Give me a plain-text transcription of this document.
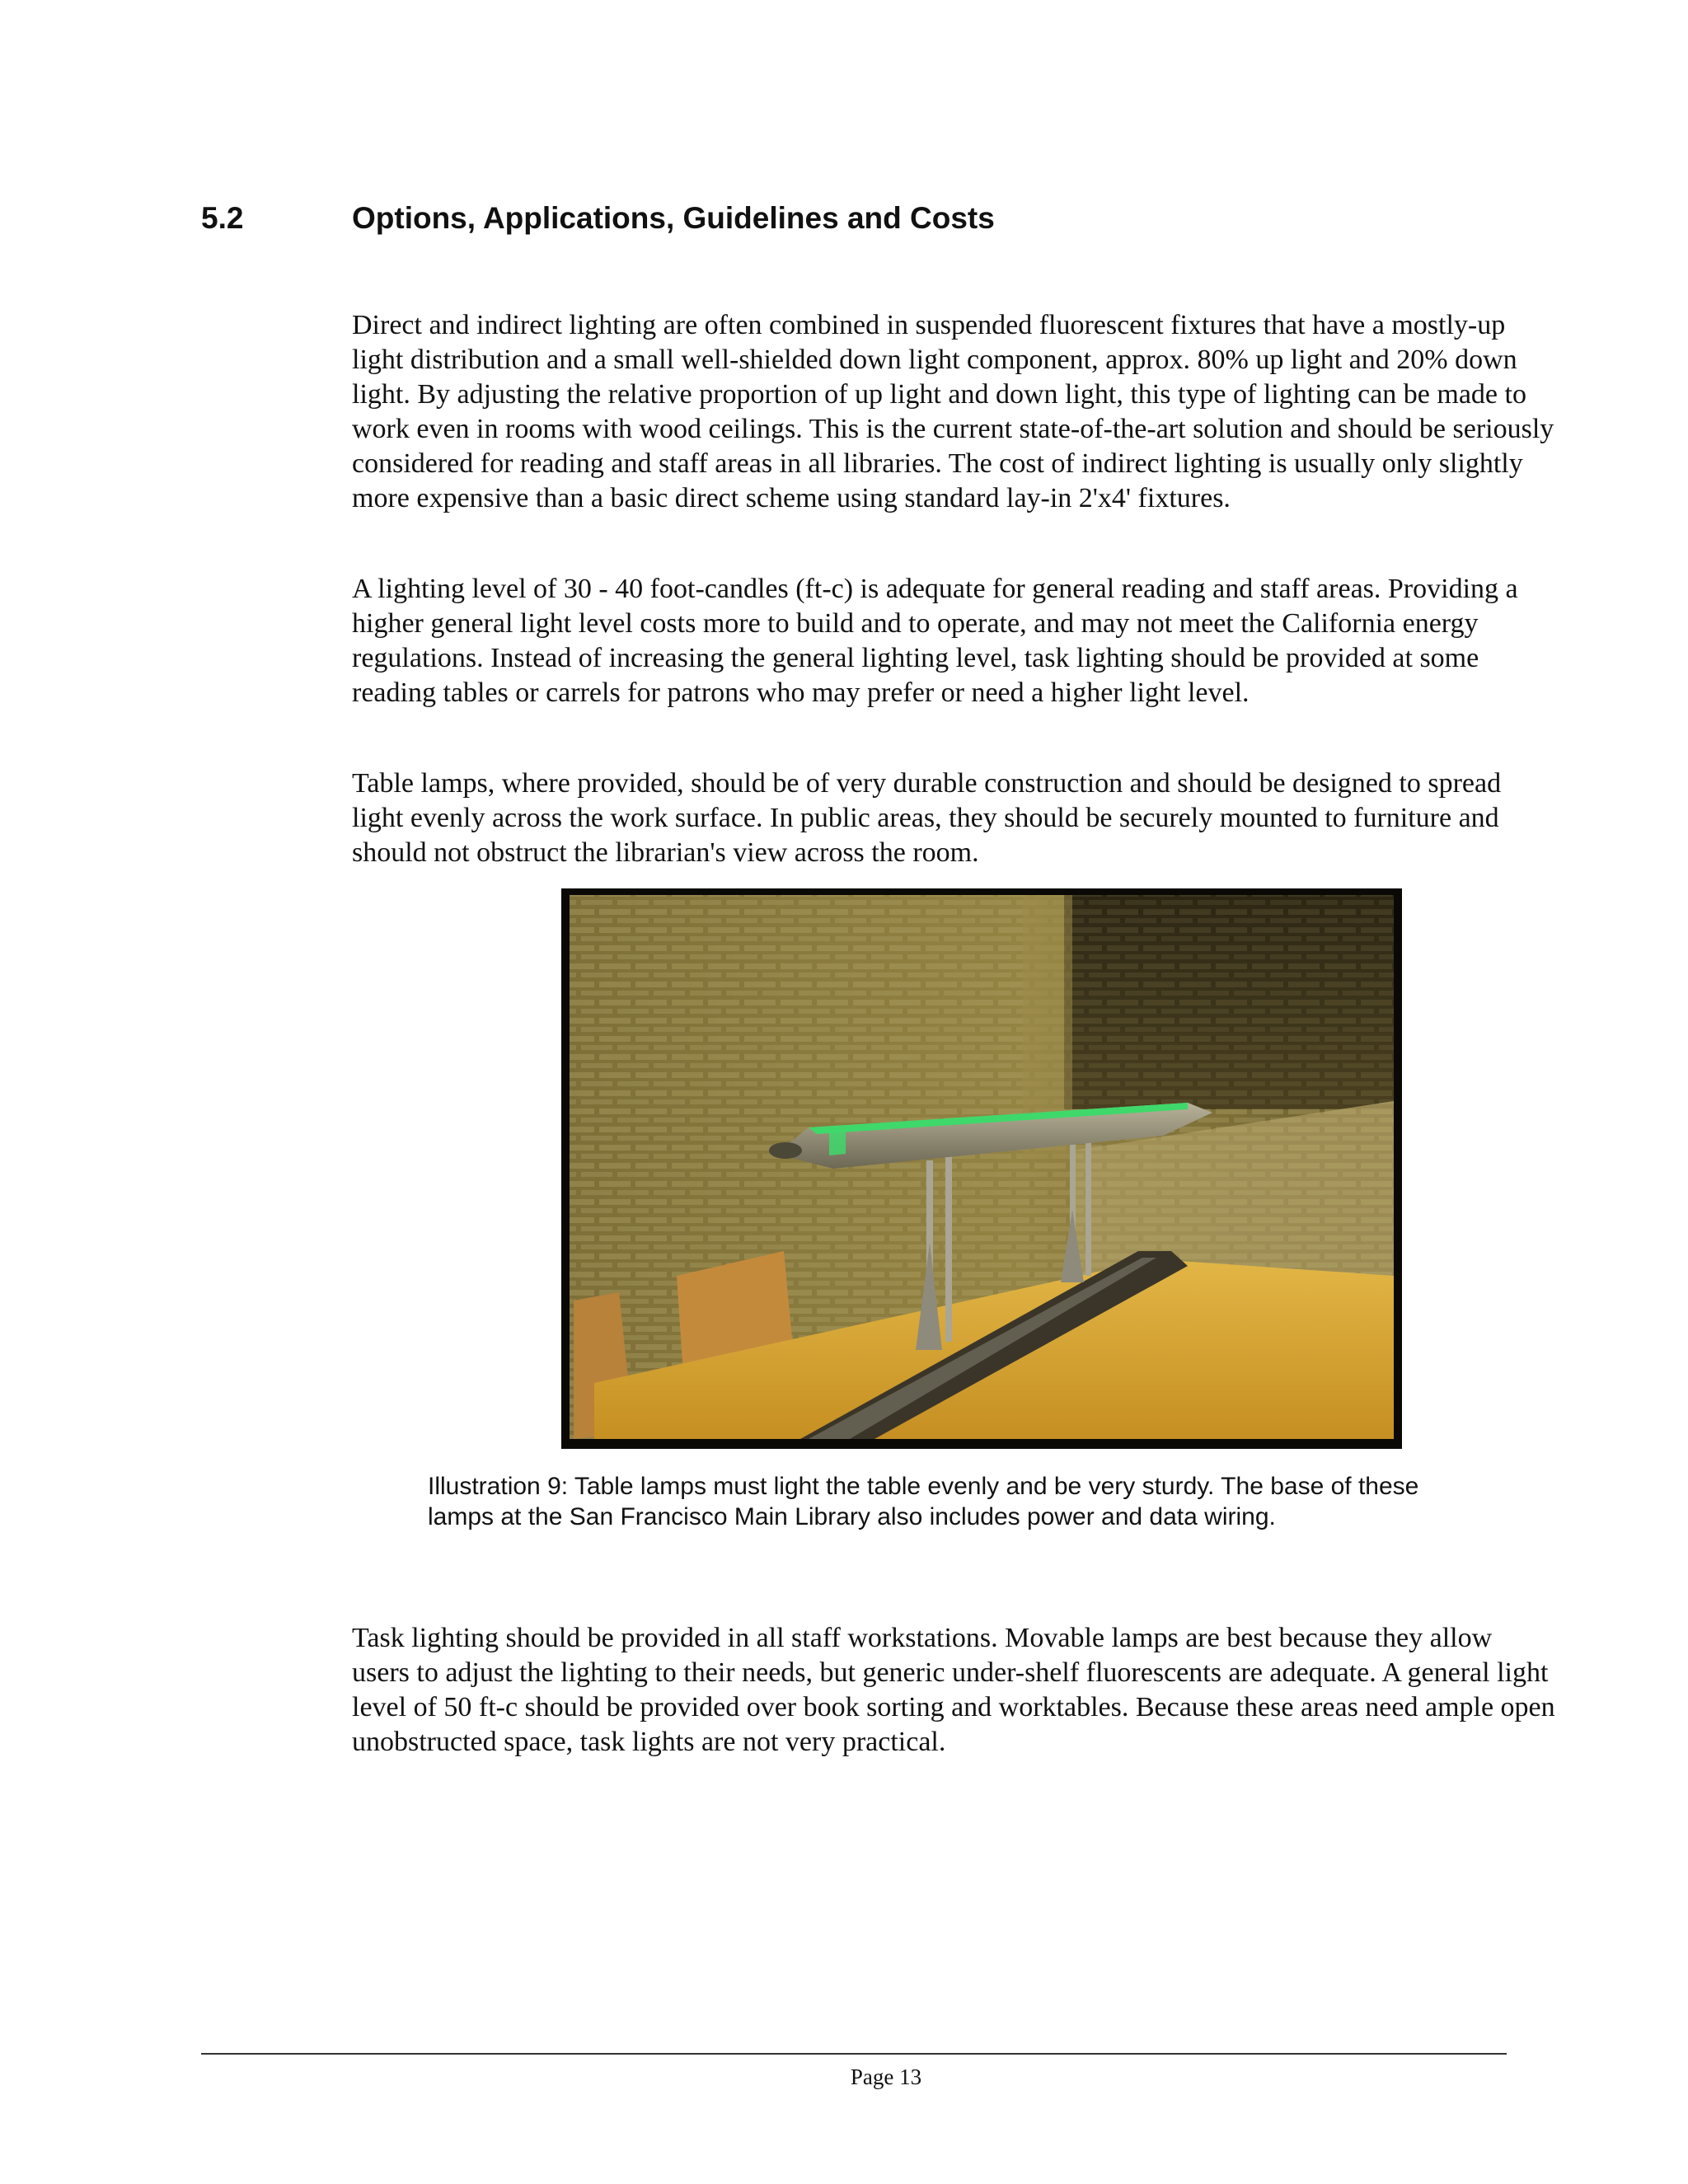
5.2	Options, Applications, Guidelines and Costs

Direct and indirect lighting are often combined in suspended fluorescent fixtures that have a mostly-up light distribution and a small well-shielded down light component, approx. 80% up light and 20% down light. By adjusting the relative proportion of up light and down light, this type of lighting can be made to work even in rooms with wood ceilings. This is the current state-of-the-art solution and should be seriously considered for reading and staff areas in all libraries. The cost of indirect lighting is usually only slightly more expensive than a basic direct scheme using standard lay-in 2'x4' fixtures.

A lighting level of 30 - 40 foot-candles (ft-c) is adequate for general reading and staff areas. Providing a higher general light level costs more to build and to operate, and may not meet the California energy regulations. Instead of increasing the general lighting level, task lighting should be provided at some reading tables or carrels for patrons who may prefer or need a higher light level.

Table lamps, where provided, should be of very durable construction and should be designed to spread light evenly across the work surface. In public areas, they should be securely mounted to furniture and should not obstruct the librarian's view across the room.

Illustration 9: Table lamps must light the table evenly and be very sturdy. The base of these lamps at the San Francisco Main Library also includes power and data wiring.

Task lighting should be provided in all staff workstations. Movable lamps are best because they allow users to adjust the lighting to their needs, but generic under-shelf fluorescents are adequate. A general light level of 50 ft-c should be provided over book sorting and worktables. Because these areas need ample open unobstructed space, task lights are not very practical.

Page 13
